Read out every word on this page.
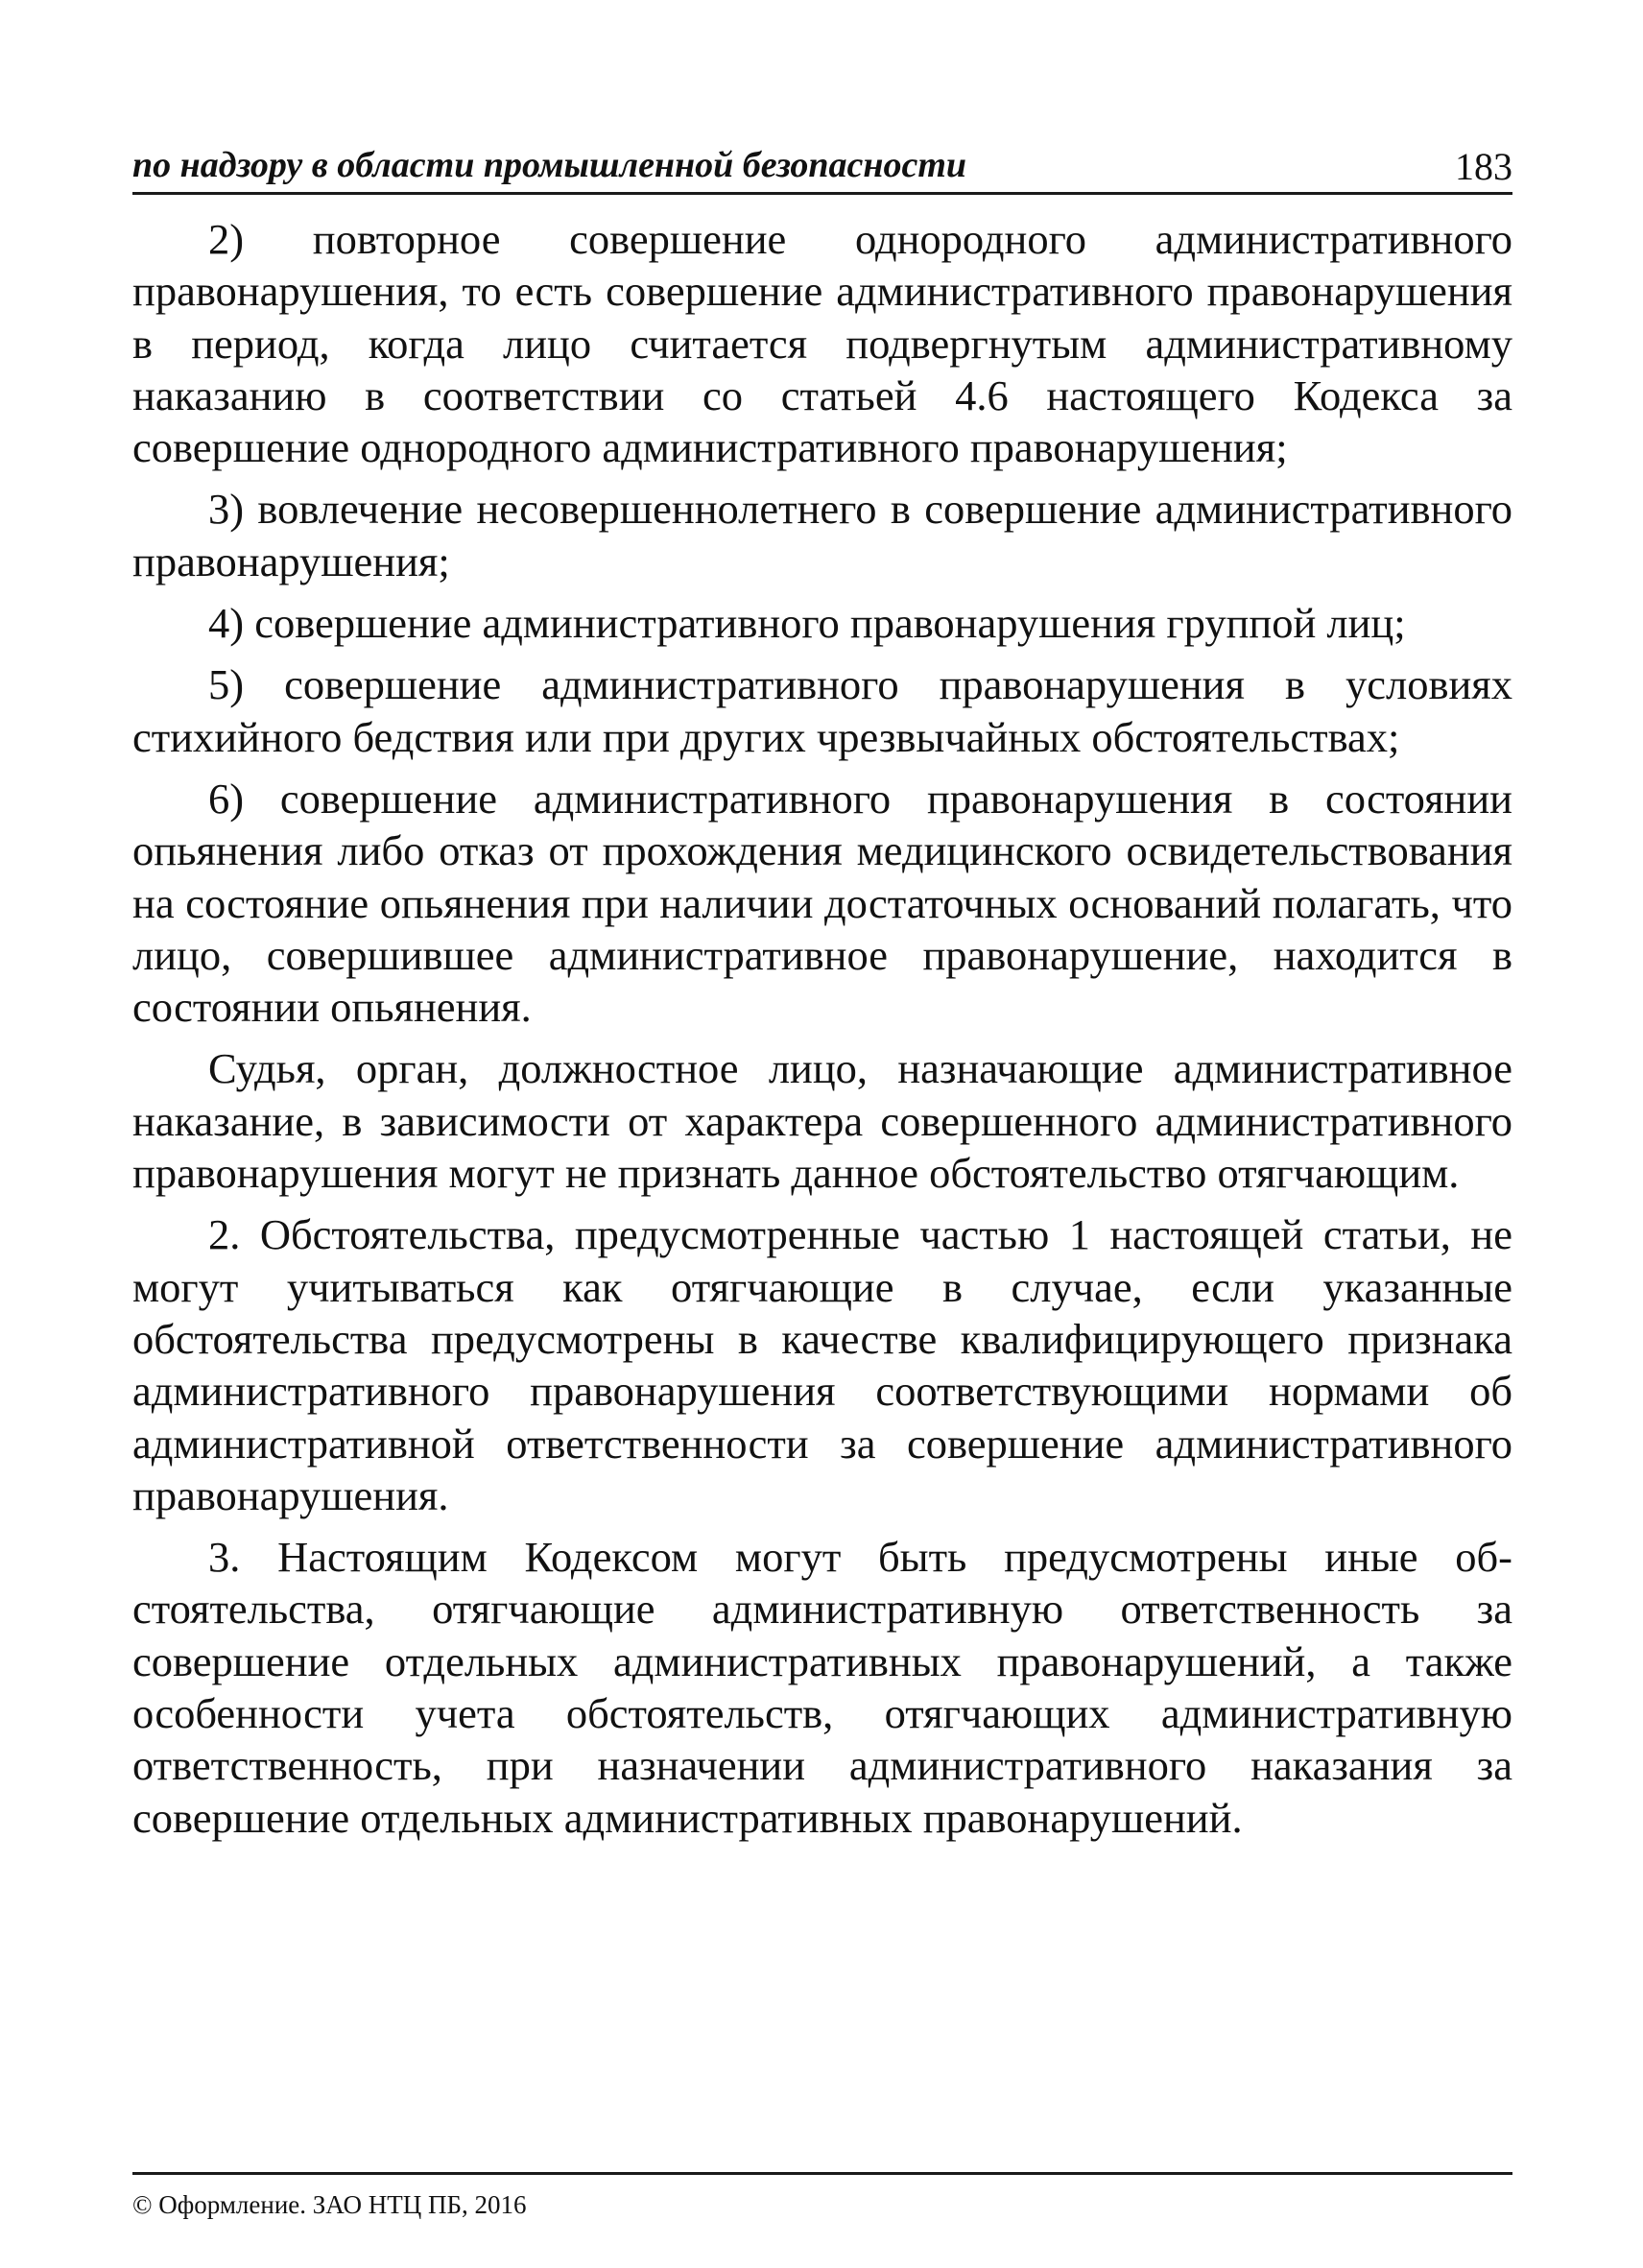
по надзору в области промышленной безопасности	183

2) повторное совершение однородного административного правонарушения, то есть совершение административного правонарушения в период, когда лицо считается подвергнутым административному наказанию в соответствии со статьей 4.6 настоящего Кодекса за совершение однородного административного правонарушения;

3) вовлечение несовершеннолетнего в совершение административного правонарушения;

4) совершение административного правонарушения группой лиц;

5) совершение административного правонарушения в условиях стихийного бедствия или при других чрезвычайных обстоятельствах;

6) совершение административного правонарушения в состоянии опьянения либо отказ от прохождения медицинского освидетельствования на состояние опьянения при наличии достаточных оснований полагать, что лицо, совершившее административное правонарушение, находится в состоянии опьянения.

Судья, орган, должностное лицо, назначающие административное наказание, в зависимости от характера совершенного административного правонарушения могут не признать данное обстоятельство отягчающим.

2. Обстоятельства, предусмотренные частью 1 настоящей статьи, не могут учитываться как отягчающие в случае, если указанные обстоятельства предусмотрены в качестве квалифицирующего признака административного правонарушения соответствующими нормами об административной ответственности за совершение административного правонарушения.

3. Настоящим Кодексом могут быть предусмотрены иные обстоятельства, отягчающие административную ответственность за совершение отдельных административных правонарушений, а также особенности учета обстоятельств, отягчающих административную ответственность, при назначении административного наказания за совершение отдельных административных правонарушений.

© Оформление. ЗАО НТЦ ПБ, 2016
